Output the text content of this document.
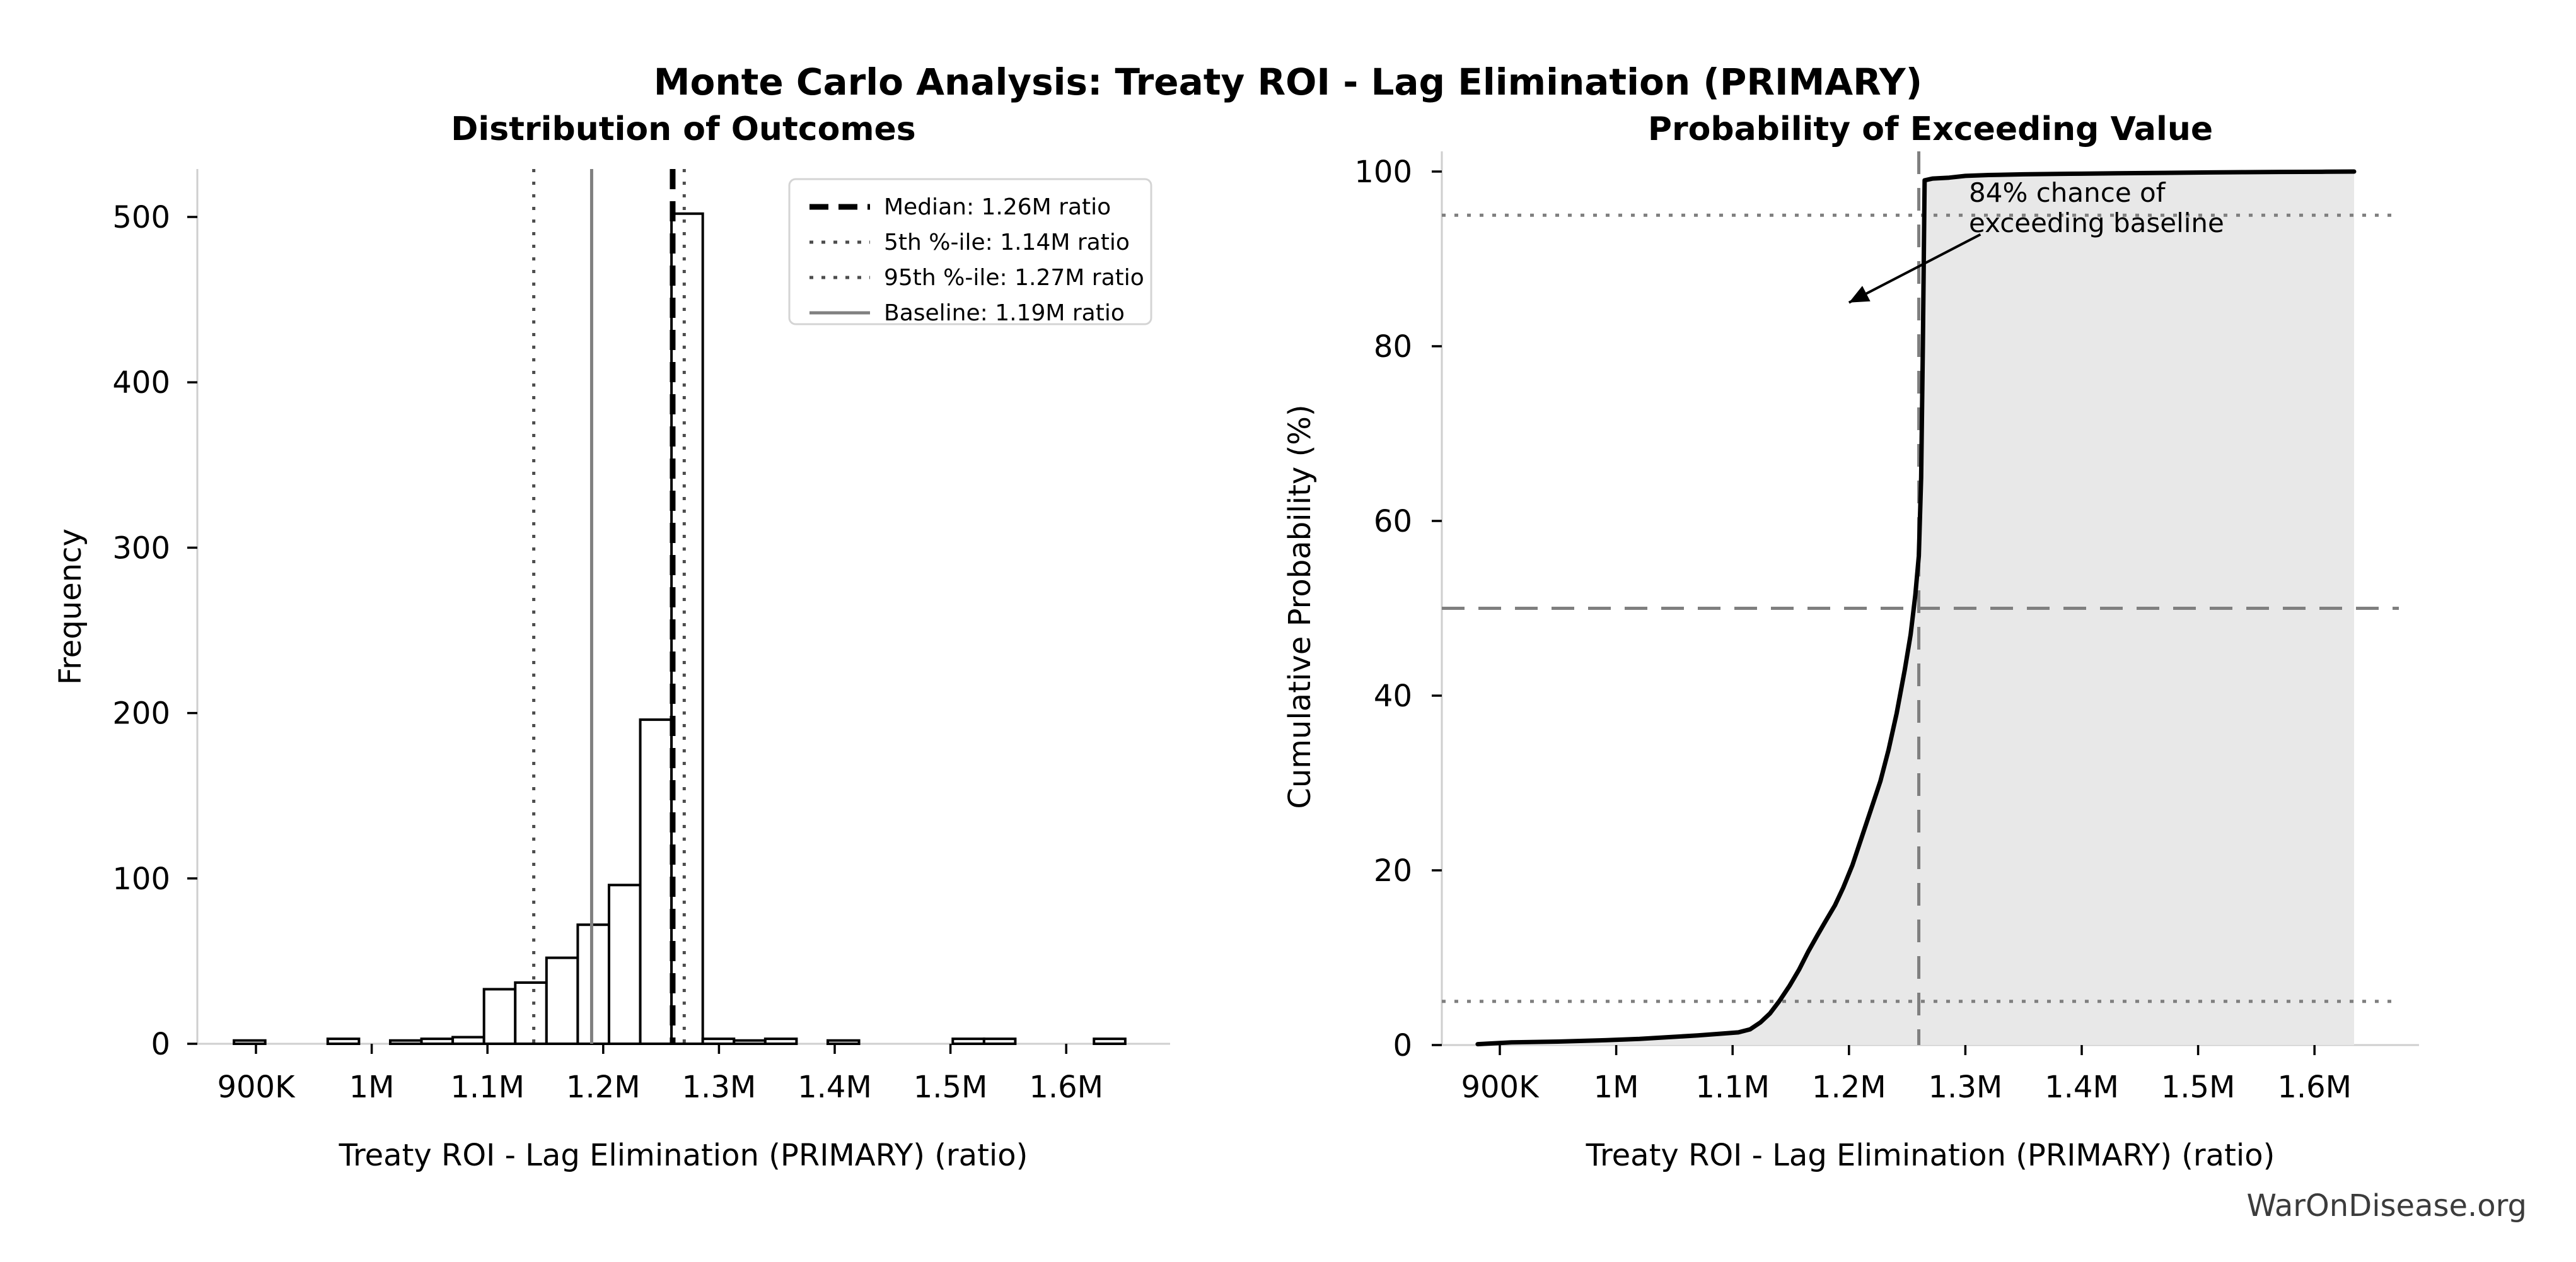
Monte Carlo Analysis: Treaty ROI - Lag Elimination (PRIMARY)
Distribution of Outcomes
Treaty ROI - Lag Elimination (PRIMARY) (ratio)
Frequency
900K 1M 1.1M 1.2M 1.3M 1.4M 1.5M 1.6M
0
100
200
300
400
500	Median: 1.26M ratio
5th %-ile: 1.14M ratio
95th %-ile: 1.27M ratio
Baseline: 1.19M ratio
Probability of Exceeding Value
Treaty ROI - Lag Elimination (PRIMARY) (ratio)
Cumulative Probability (%)
900K 1M 1.1M 1.2M 1.3M 1.4M 1.5M 1.6M
0
20
40
60
80
100
84% chance of
exceeding baseline
WarOnDisease.org
